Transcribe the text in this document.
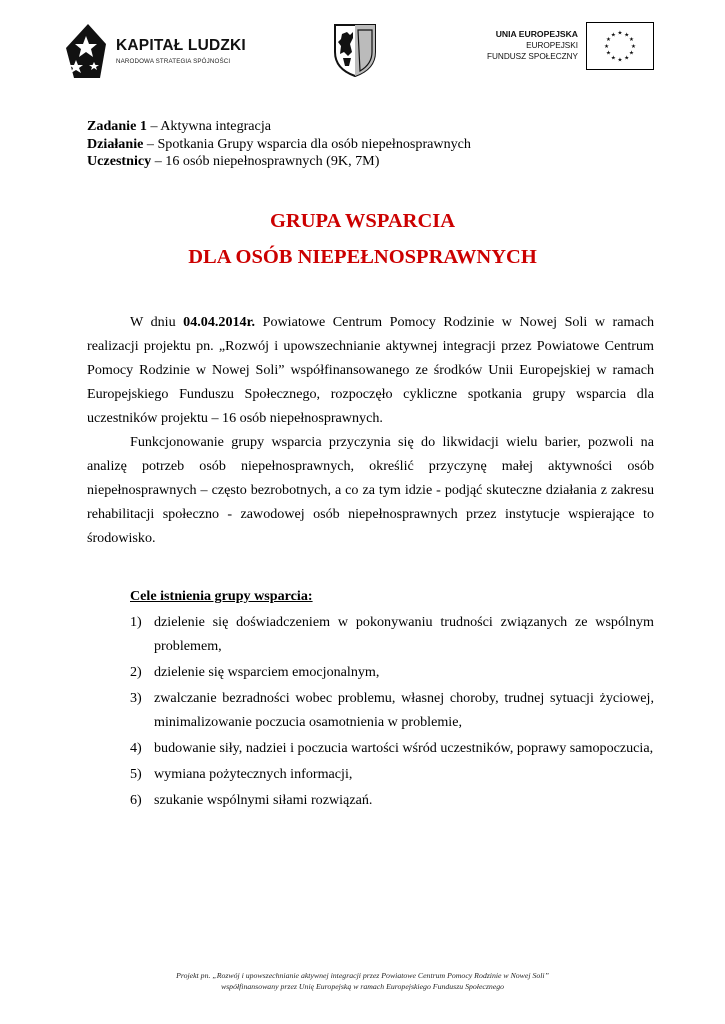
KAPITAŁ LUDZKI
NARODOWA STRATEGIA SPÓJNOŚCI
UNIA EUROPEJSKA
EUROPEJSKI
FUNDUSZ SPOŁECZNY
★ ★
★
★
★
★
★
★
★
★
★
★
Zadanie 1 – Aktywna integracja
Działanie – Spotkania Grupy wsparcia dla osób niepełnosprawnych
Uczestnicy – 16 osób niepełnosprawnych (9K, 7M)
GRUPA WSPARCIA
DLA OSÓB NIEPEŁNOSPRAWNYCH

W dniu 04.04.2014r. Powiatowe Centrum Pomocy Rodzinie w Nowej Soli w ramach realizacji projektu pn. „Rozwój i upowszechnianie aktywnej integracji przez Powiatowe Centrum Pomocy Rodzinie w Nowej Soli” współfinansowanego ze środków Unii Europejskiej w ramach Europejskiego Funduszu Społecznego, rozpoczęło cykliczne spotkania grupy wsparcia dla uczestników projektu – 16 osób niepełnosprawnych.

Funkcjonowanie grupy wsparcia przyczynia się do likwidacji wielu barier, pozwoli na analizę potrzeb osób niepełnosprawnych, określić przyczynę małej aktywności osób niepełnosprawnych – często bezrobotnych, a co za tym idzie - podjąć skuteczne działania z zakresu rehabilitacji społeczno - zawodowej osób niepełnosprawnych przez instytucje wspierające to środowisko.

Cele istnienia grupy wsparcia:
1) dzielenie się doświadczeniem w pokonywaniu trudności związanych ze wspólnym problemem,
2) dzielenie się wsparciem emocjonalnym,
3) zwalczanie bezradności wobec problemu, własnej choroby, trudnej sytuacji życiowej, minimalizowanie poczucia osamotnienia w problemie,
4) budowanie siły, nadziei i poczucia wartości wśród uczestników, poprawy samopoczucia,
5) wymiana pożytecznych informacji,
6) szukanie wspólnymi siłami rozwiązań.
Projekt pn. „Rozwój i upowszechnianie aktywnej integracji przez Powiatowe Centrum Pomocy Rodzinie w Nowej Soli”
współfinansowany przez Unię Europejską w ramach Europejskiego Funduszu Społecznego
